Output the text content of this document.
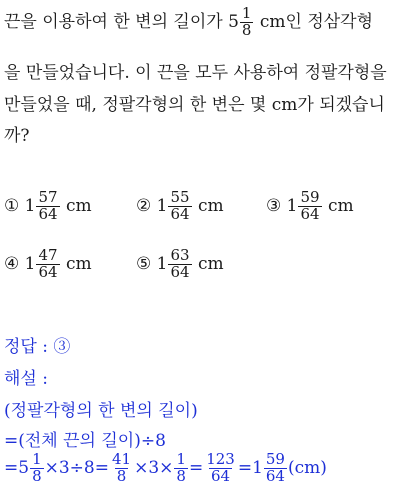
끈을 이용하여 한 변의 길이가 $5 \frac{1}{8}$ cm인 정삼각형
을 만들었습니다. 이 끈을 모두 사용하여 정팔각형을
만들었을 때, 정팔각형의 한 변은 몇 cm가 되겠습니
까?
① $1 \frac{57}{64}$ cm	② $1 \frac{55}{64}$ cm ③ $1 \frac{59}{64}$ cm
④ $1 \frac{47}{64}$ cm	⑤ $1 \frac{63}{64}$ cm
정답 : ③
해설 :
(정팔각형의 한 변의 길이)
=(전체 끈의 길이)÷8
$=5 \frac{1}{8} \times 3\div 8= \frac{41}{8} \times 3\times \frac{1}{8} = \frac{123}{64} =1 \frac{59}{64} (cm)$
